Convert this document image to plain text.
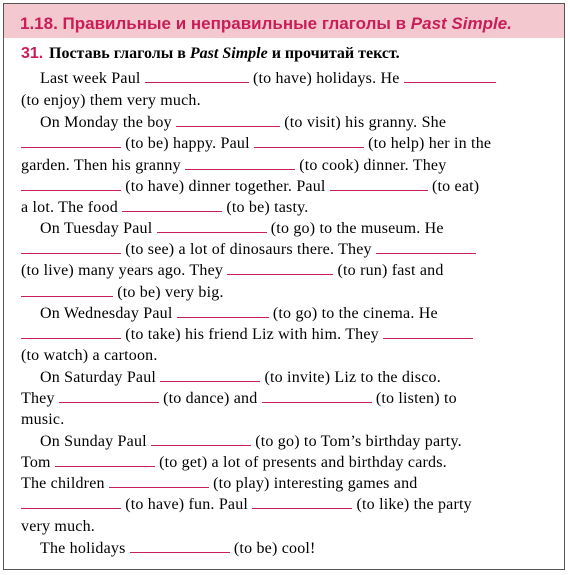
1.18. Правильные и неправильные глаголы в Past Simple.
31. Поставь глаголы в Past Simple и прочитай текст.
Last week Paul	(to have) holidays. He
(to enjoy) them very much.
On Monday the boy	(to visit) his granny. She
(to be) happy. Paul	(to help) her in the
garden. Then his granny	(to cook) dinner. They
(to have) dinner together. Paul	(to eat)
a lot. The food	(to be) tasty.
On Tuesday Paul	(to go) to the museum. He
(to see) a lot of dinosaurs there. They
(to live) many years ago. They	(to run) fast and
(to be) very big.
On Wednesday Paul	(to go) to the cinema. He
(to take) his friend Liz with him. They
(to watch) a cartoon.
On Saturday Paul	(to invite) Liz to the disco.
They	(to dance) and	(to listen) to
music.
On Sunday Paul	(to go) to Tom’s birthday party.
Tom	(to get) a lot of presents and birthday cards.
The children	(to play) interesting games and
(to have) fun. Paul	(to like) the party
very much.
The holidays	(to be) cool!
